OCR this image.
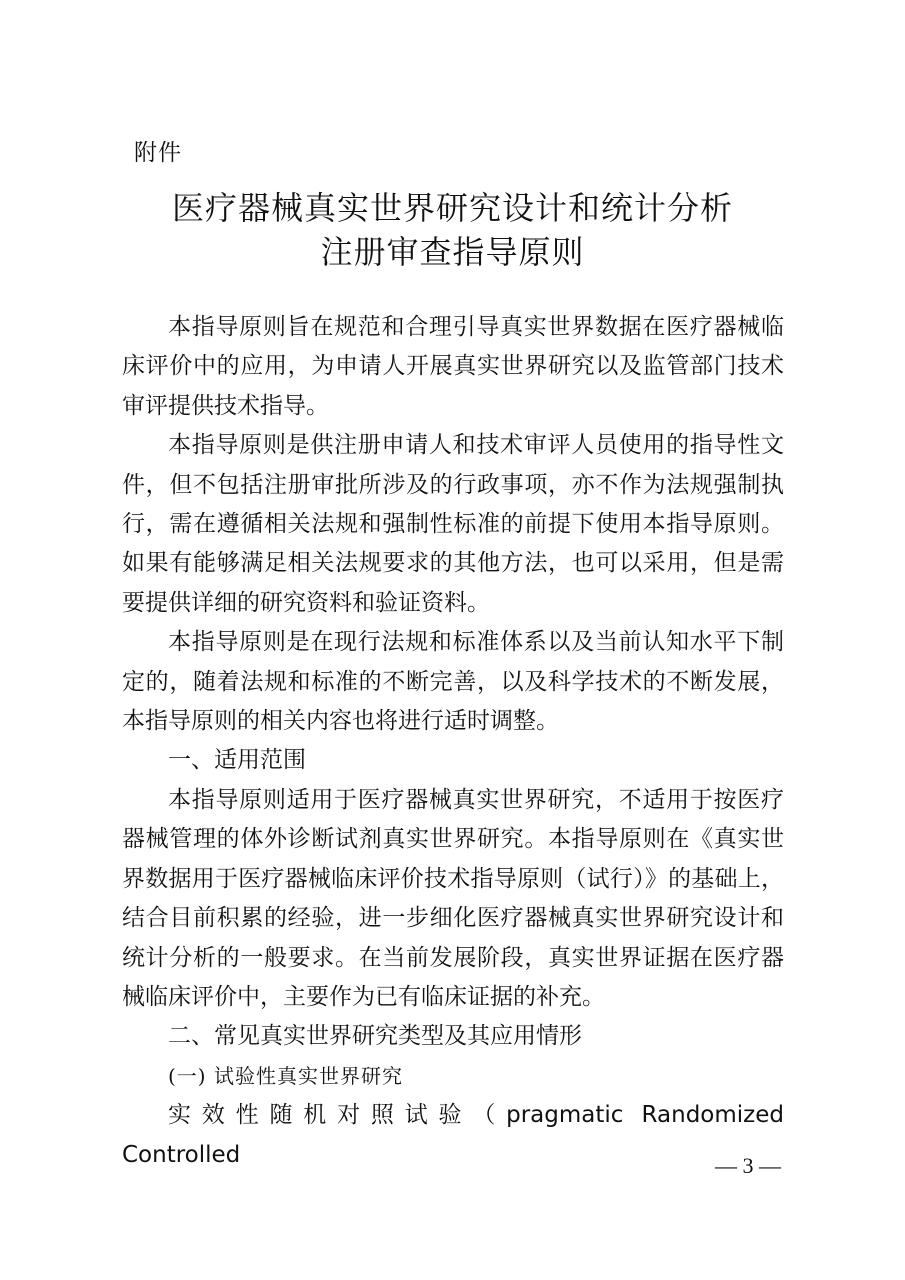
附件

医疗器械真实世界研究设计和统计分析
注册审查指导原则

本指导原则旨在规范和合理引导真实世界数据在医疗器械临床评价中的应用，为申请人开展真实世界研究以及监管部门技术审评提供技术指导。

本指导原则是供注册申请人和技术审评人员使用的指导性文件，但不包括注册审批所涉及的行政事项，亦不作为法规强制执行，需在遵循相关法规和强制性标准的前提下使用本指导原则。如果有能够满足相关法规要求的其他方法，也可以采用，但是需要提供详细的研究资料和验证资料。

本指导原则是在现行法规和标准体系以及当前认知水平下制定的，随着法规和标准的不断完善，以及科学技术的不断发展，本指导原则的相关内容也将进行适时调整。

一、适用范围

本指导原则适用于医疗器械真实世界研究，不适用于按医疗器械管理的体外诊断试剂真实世界研究。本指导原则在《真实世界数据用于医疗器械临床评价技术指导原则（试行）》的基础上，结合目前积累的经验，进一步细化医疗器械真实世界研究设计和统计分析的一般要求。在当前发展阶段，真实世界证据在医疗器械临床评价中，主要作为已有临床证据的补充。

二、常见真实世界研究类型及其应用情形

(一) 试验性真实世界研究

实效性随机对照试验（pragmatic Randomized Controlled	— 3 —
